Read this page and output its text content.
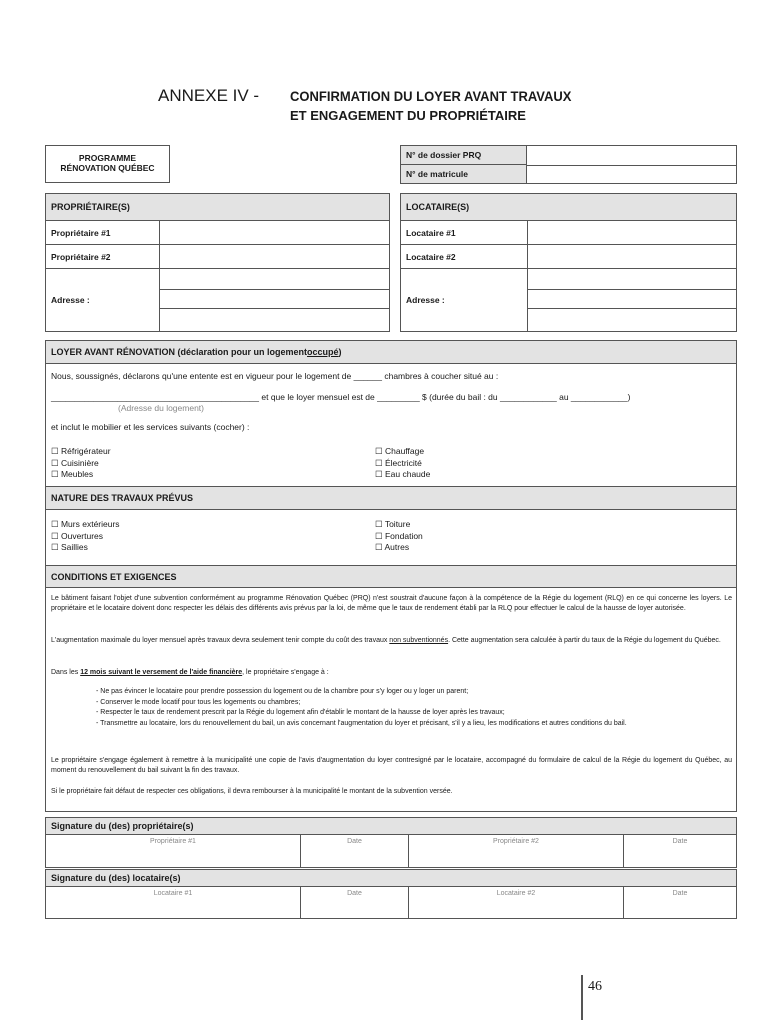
ANNEXE IV - CONFIRMATION DU LOYER AVANT TRAVAUX
ET ENGAGEMENT DU PROPRIÉTAIRE
PROGRAMME
RÉNOVATION QUÉBEC
N° de dossier PRQ
N° de matricule
PROPRIÉTAIRE(S)
Propriétaire #1
Propriétaire #2
Adresse :
LOCATAIRE(S)
Locataire #1
Locataire #2
Adresse :
LOYER AVANT RÉNOVATION (déclaration pour un logement occupé )
Nous, soussignés, déclarons qu'une entente est en vigueur pour le logement de ______ chambres à coucher situé au :
____________________________________________ et que le loyer mensuel est de _________ $ (durée du bail : du ____________ au ____________)
(Adresse du logement)
et inclut le mobilier et les services suivants (cocher) :
☐ Réfrigérateur
☐ Cuisinière
☐ Meubles
☐ Chauffage
☐ Électricité
☐ Eau chaude
NATURE DES TRAVAUX PRÉVUS
☐ Murs extérieurs
☐ Ouvertures
☐ Saillies
☐ Toiture
☐ Fondation
☐ Autres
CONDITIONS ET EXIGENCES
Le bâtiment faisant l'objet d'une subvention conformément au programme Rénovation Québec (PRQ) n'est soustrait d'aucune façon à la compétence de la Régie du logement (RLQ) en ce qui concerne les loyers. Le propriétaire et le locataire doivent donc respecter les délais des différents avis prévus par la loi, de même que le taux de rendement établi par la RLQ pour effectuer le calcul de la hausse de loyer autorisée.
L'augmentation maximale du loyer mensuel après travaux devra seulement tenir compte du coût des travaux non subventionnés. Cette augmentation sera calculée à partir du taux de la Régie du logement du Québec.
Dans les 12 mois suivant le versement de l'aide financière, le propriétaire s'engage à :
- Ne pas évincer le locataire pour prendre possession du logement ou de la chambre pour s'y loger ou y loger un parent;
- Conserver le mode locatif pour tous les logements ou chambres;
- Respecter le taux de rendement prescrit par la Régie du logement afin d'établir le montant de la hausse de loyer après les travaux;
- Transmettre au locataire, lors du renouvellement du bail, un avis concernant l'augmentation du loyer et précisant, s'il y a lieu, les modifications et autres conditions du bail.
Le propriétaire s'engage également à remettre à la municipalité une copie de l'avis d'augmentation du loyer contresigné par le locataire, accompagné du formulaire de calcul de la Régie du logement du Québec, au moment du renouvellement du bail suivant la fin des travaux.
Si le propriétaire fait défaut de respecter ces obligations, il devra rembourser à la municipalité le montant de la subvention versée.
Signature du (des) propriétaire(s)
Propriétaire #1	Date	Propriétaire #2	Date
Signature du (des) locataire(s)
Locataire #1	Date	Locataire #2	Date
46
